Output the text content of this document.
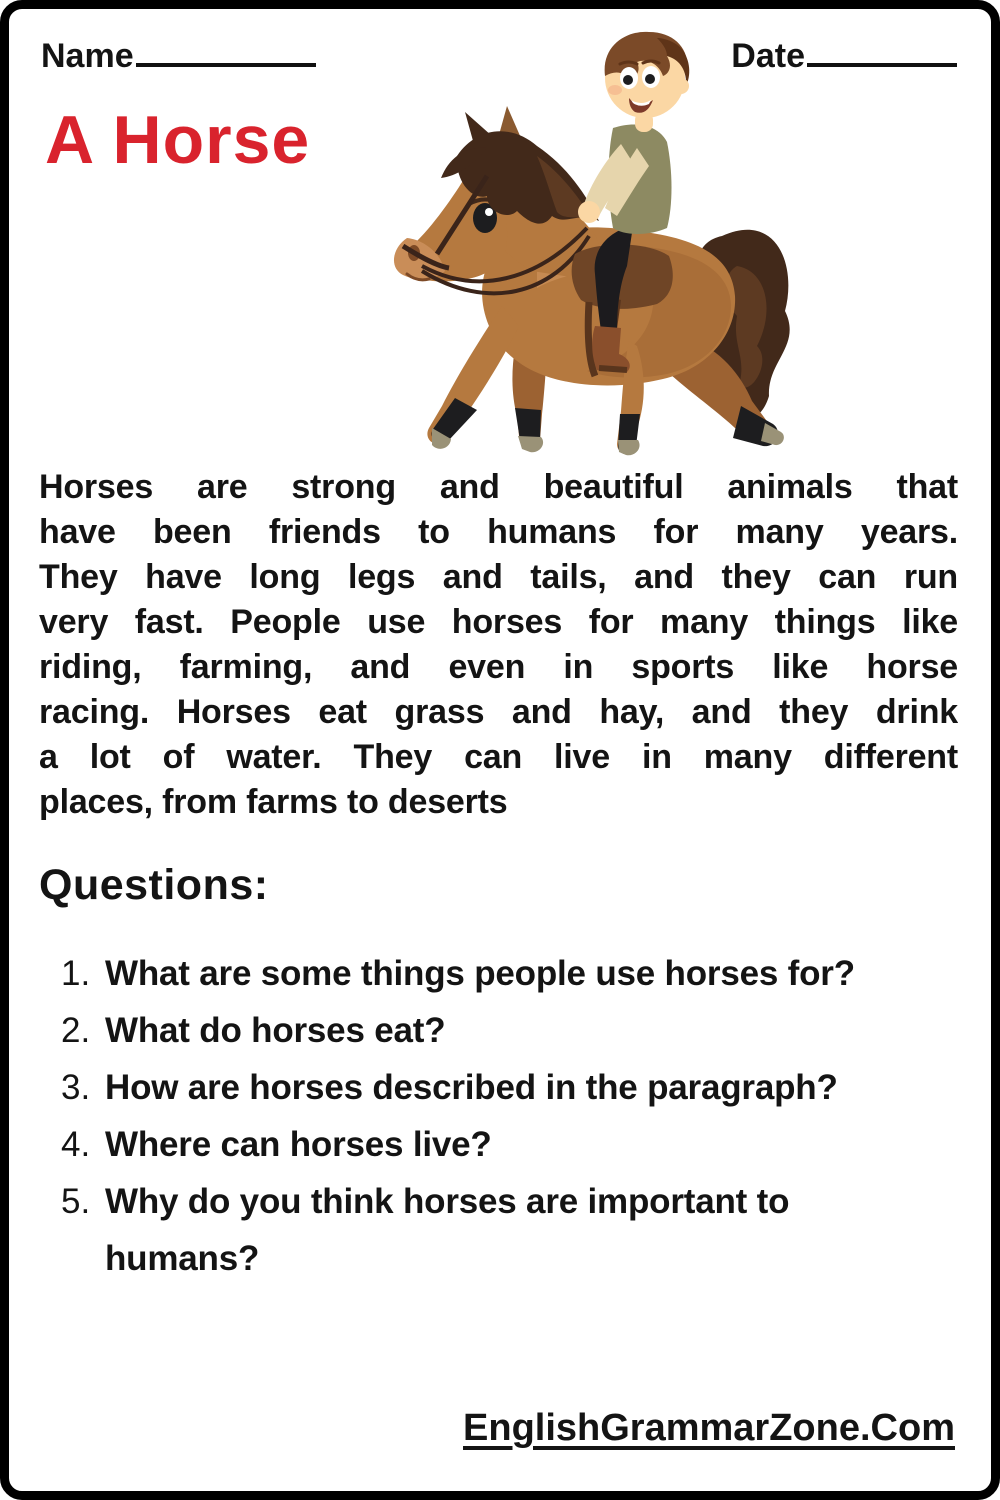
Name	Date
A Horse
Horses are strong and beautiful animals that
have been friends to humans for many years.
They have long legs and tails, and they can run
very fast. People use horses for many things like
riding, farming, and even in sports like horse
racing. Horses eat grass and hay, and they drink
a lot of water. They can live in many different
places, from farms to deserts
Questions:
1. What are some things people use horses for?
2. What do horses eat?
3. How are horses described in the paragraph?
4. Where can horses live?
5. Why do you think horses are important to humans?
EnglishGrammarZone.Com
